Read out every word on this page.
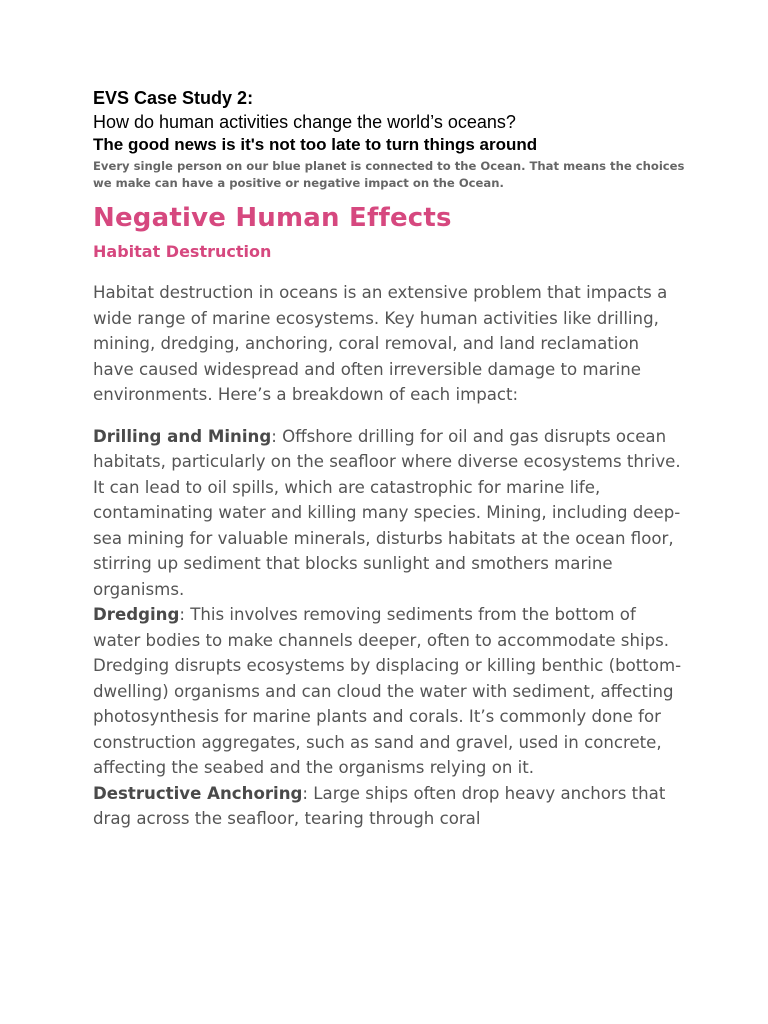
EVS Case Study 2:

How do human activities change the world’s oceans?

The good news is it's not too late to turn things around

Every single person on our blue planet is connected to the Ocean. That means the choices we make can have a positive or negative impact on the Ocean.

Negative Human Effects
Habitat Destruction

Habitat destruction in oceans is an extensive problem that impacts a wide range of marine ecosystems. Key human activities like drilling, mining, dredging, anchoring, coral removal, and land reclamation have caused widespread and often irreversible damage to marine environments. Here’s a breakdown of each impact:

Drilling and Mining: Offshore drilling for oil and gas disrupts ocean habitats, particularly on the seafloor where diverse ecosystems thrive. It can lead to oil spills, which are catastrophic for marine life, contaminating water and killing many species. Mining, including deep-sea mining for valuable minerals, disturbs habitats at the ocean floor, stirring up sediment that blocks sunlight and smothers marine organisms.

Dredging: This involves removing sediments from the bottom of water bodies to make channels deeper, often to accommodate ships. Dredging disrupts ecosystems by displacing or killing benthic (bottom-dwelling) organisms and can cloud the water with sediment, affecting photosynthesis for marine plants and corals. It’s commonly done for construction aggregates, such as sand and gravel, used in concrete, affecting the seabed and the organisms relying on it.

Destructive Anchoring: Large ships often drop heavy anchors that drag across the seafloor, tearing through coral
